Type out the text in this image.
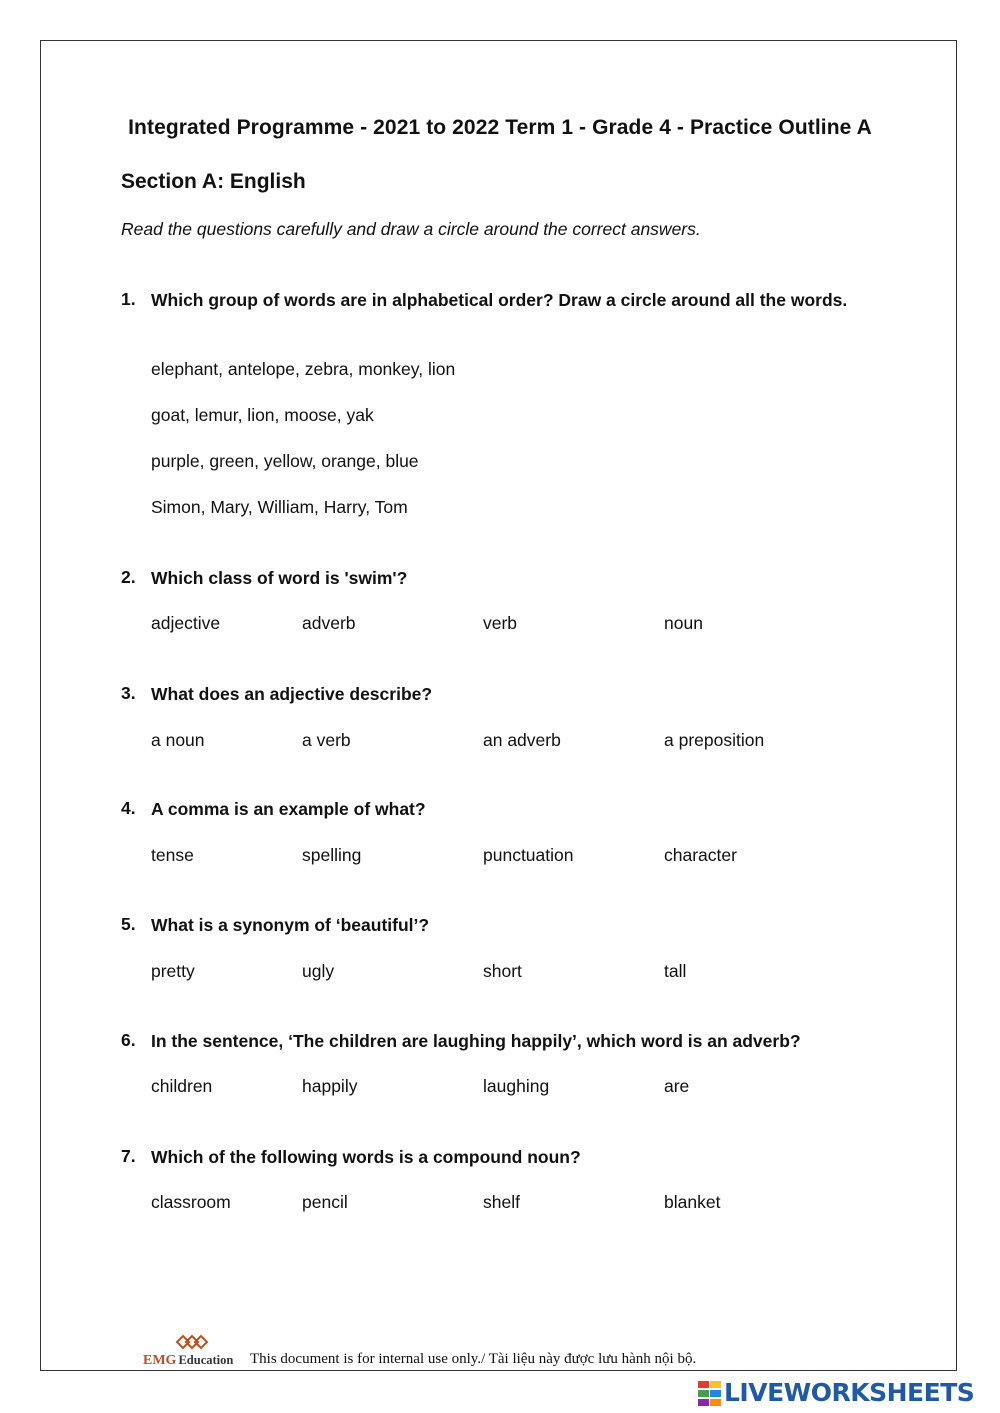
Integrated Programme - 2021 to 2022 Term 1 - Grade 4 - Practice Outline A
Section A: English
Read the questions carefully and draw a circle around the correct answers.
1. Which group of words are in alphabetical order? Draw a circle around all the words.
elephant, antelope, zebra, monkey, lion
goat, lemur, lion, moose, yak
purple, green, yellow, orange, blue
Simon, Mary, William, Harry, Tom
2. Which class of word is 'swim'?
adjective	adverb	verb	noun
3. What does an adjective describe?
a noun	a verb	an adverb	a preposition
4. A comma is an example of what?
tense	spelling	punctuation	character
5. What is a synonym of ‘beautiful’?
pretty	ugly	short	tall
6. In the sentence, ‘The children are laughing happily’, which word is an adverb?
children	happily	laughing	are
7. Which of the following words is a compound noun?
classroom	pencil	shelf	blanket
EMG Education This document is for internal use only./ Tài liệu này được lưu hành nội bộ.
LIVEWORKSHEETS
